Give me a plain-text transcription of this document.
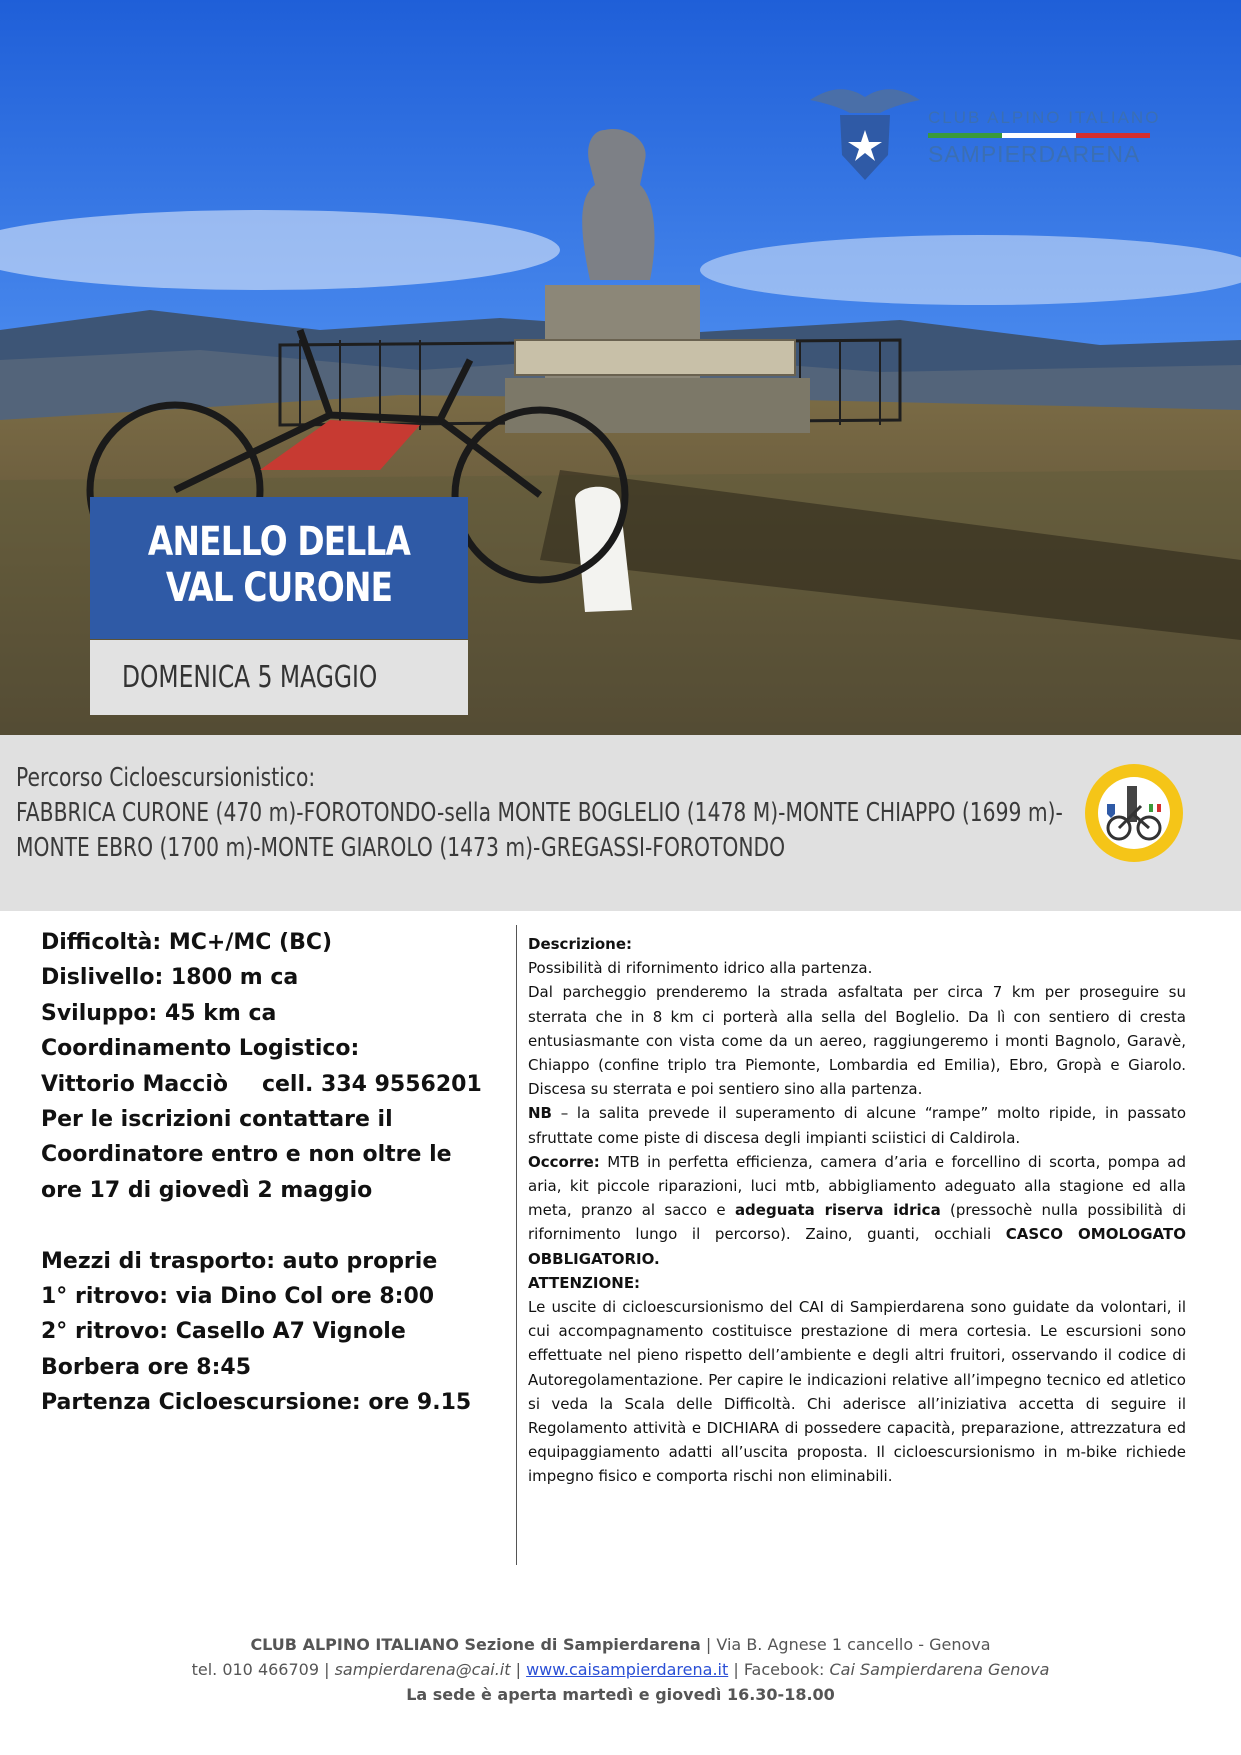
CLUB ALPINO ITALIANO
SAMPIERDARENA
ANELLO DELLA VAL CURONE
DOMENICA 5 MAGGIO
Percorso Cicloescursionistico:
FABBRICA CURONE (470 m)-FOROTONDO-sella MONTE BOGLELIO (1478 M)-MONTE CHIAPPO (1699 m)-
MONTE EBRO (1700 m)-MONTE GIAROLO (1473 m)-GREGASSI-FOROTONDO
Difficoltà: MC+/MC (BC)
Dislivello: 1800 m ca
Sviluppo: 45 km ca
Coordinamento Logistico:
Vittorio Macciò cell. 334 9556201
Per le iscrizioni contattare il
Coordinatore entro e non oltre le
ore 17 di giovedì 2 maggio
Mezzi di trasporto: auto proprie
1° ritrovo: via Dino Col ore 8:00
2° ritrovo: Casello A7 Vignole
Borbera ore 8:45
Partenza Cicloescursione: ore 9.15

Descrizione:

Possibilità di rifornimento idrico alla partenza.

Dal parcheggio prenderemo la strada asfaltata per circa 7 km per proseguire su sterrata che in 8 km ci porterà alla sella del Boglelio. Da lì con sentiero di cresta entusiasmante con vista come da un aereo, raggiungeremo i monti Bagnolo, Garavè, Chiappo (confine triplo tra Piemonte, Lombardia ed Emilia), Ebro, Gropà e Giarolo. Discesa su sterrata e poi sentiero sino alla partenza.

NB – la salita prevede il superamento di alcune “rampe” molto ripide, in passato sfruttate come piste di discesa degli impianti sciistici di Caldirola.

Occorre: MTB in perfetta efficienza, camera d’aria e forcellino di scorta, pompa ad aria, kit piccole riparazioni, luci mtb, abbigliamento adeguato alla stagione ed alla meta, pranzo al sacco e adeguata riserva idrica (pressochè nulla possibilità di rifornimento lungo il percorso). Zaino, guanti, occhiali CASCO OMOLOGATO OBBLIGATORIO.

ATTENZIONE:

Le uscite di cicloescursionismo del CAI di Sampierdarena sono guidate da volontari, il cui accompagnamento costituisce prestazione di mera cortesia. Le escursioni sono effettuate nel pieno rispetto dell’ambiente e degli altri fruitori, osservando il codice di Autoregolamentazione. Per capire le indicazioni relative all’impegno tecnico ed atletico si veda la Scala delle Difficoltà. Chi aderisce all’iniziativa accetta di seguire il Regolamento attività e DICHIARA di possedere capacità, preparazione, attrezzatura ed equipaggiamento adatti all’uscita proposta. Il cicloescursionismo in m-bike richiede impegno fisico e comporta rischi non eliminabili.

CLUB ALPINO ITALIANO Sezione di Sampierdarena | Via B. Agnese 1 cancello - Genova
tel. 010 466709 | sampierdarena@cai.it | www.caisampierdarena.it | Facebook: Cai Sampierdarena Genova
La sede è aperta martedì e giovedì 16.30-18.00
